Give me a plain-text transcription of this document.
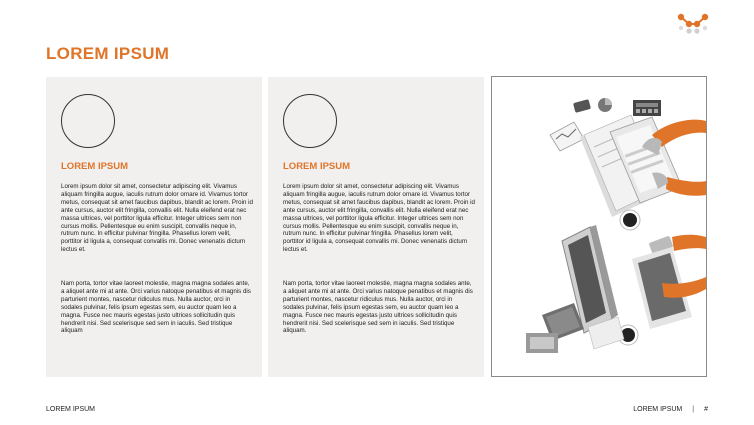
LOREM IPSUM
LOREM IPSUM

Lorem ipsum dolor sit amet, consectetur adipiscing elit. Vivamus aliquam fringilla augue, iaculis rutrum dolor ornare id. Vivamus tortor metus, consequat sit amet faucibus dapibus, blandit ac lorem. Proin id ante cursus, auctor elit fringilla, convallis elit. Nulla eleifend erat nec massa ultrices, vel porttitor ligula efficitur. Integer ultrices sem non cursus mollis. Pellentesque eu enim suscipit, convallis neque in, rutrum nunc. In efficitur pulvinar fringilla. Phasellus lorem velit, porttitor id ligula a, consequat convallis mi. Donec venenatis dictum lectus et.

Nam porta, tortor vitae laoreet molestie, magna magna sodales ante, a aliquet ante mi at ante. Orci varius natoque penatibus et magnis dis parturient montes, nascetur ridiculus mus. Nulla auctor, orci in sodales pulvinar, felis ipsum egestas sem, eu auctor quam leo a magna. Fusce nec mauris egestas justo ultrices sollicitudin quis hendrerit nisi. Sed scelerisque sed sem in iaculis. Sed tristique aliquam

LOREM IPSUM

Lorem ipsum dolor sit amet, consectetur adipiscing elit. Vivamus aliquam fringilla augue, iaculis rutrum dolor ornare id. Vivamus tortor metus, consequat sit amet faucibus dapibus, blandit ac lorem. Proin id ante cursus, auctor elit fringilla, convallis elit. Nulla eleifend erat nec massa ultrices, vel porttitor ligula efficitur. Integer ultrices sem non cursus mollis. Pellentesque eu enim suscipit, convallis neque in, rutrum nunc. In efficitur pulvinar fringilla. Phasellus lorem velit, porttitor id ligula a, consequat convallis mi. Donec venenatis dictum lectus et.

Nam porta, tortor vitae laoreet molestie, magna magna sodales ante, a aliquet ante mi at ante. Orci varius natoque penatibus et magnis dis parturient montes, nascetur ridiculus mus. Nulla auctor, orci in sodales pulvinar, felis ipsum egestas sem, eu auctor quam leo a magna. Fusce nec mauris egestas justo ultrices sollicitudin quis hendrerit nisi. Sed scelerisque sed sem in iaculis. Sed tristique aliquam.

LOREM IPSUM	LOREM IPSUM | #
